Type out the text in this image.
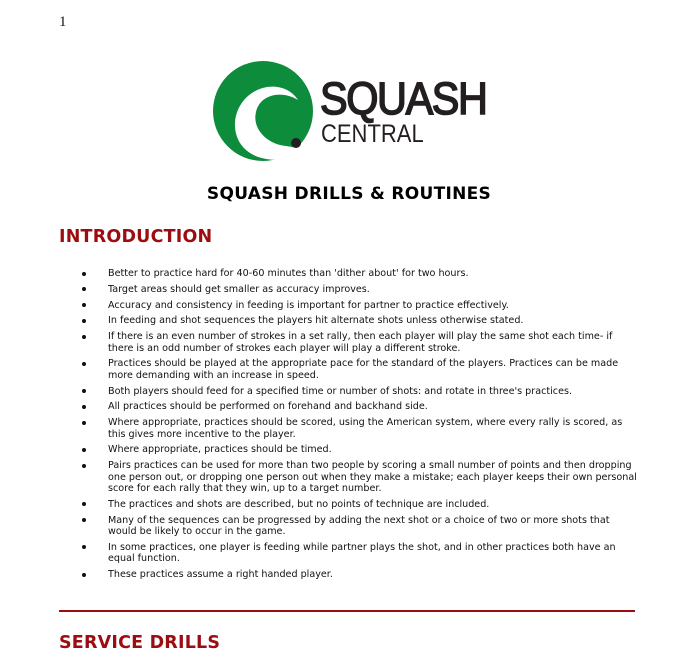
1
SQUASH
CENTRAL
SQUASH DRILLS & ROUTINES
INTRODUCTION
Better to practice hard for 40-60 minutes than 'dither about' for two hours.
Target areas should get smaller as accuracy improves.
Accuracy and consistency in feeding is important for partner to practice effectively.
In feeding and shot sequences the players hit alternate shots unless otherwise stated.
If there is an even number of strokes in a set rally, then each player will play the same shot each time- if there is an odd number of strokes each player will play a different stroke.
Practices should be played at the appropriate pace for the standard of the players. Practices can be made more demanding with an increase in speed.
Both players should feed for a specified time or number of shots: and rotate in three's practices.
All practices should be performed on forehand and backhand side.
Where appropriate, practices should be scored, using the American system, where every rally is scored, as this gives more incentive to the player.
Where appropriate, practices should be timed.
Pairs practices can be used for more than two people by scoring a small number of points and then dropping one person out, or dropping one person out when they make a mistake; each player keeps their own personal score for each rally that they win, up to a target number.
The practices and shots are described, but no points of technique are included.
Many of the sequences can be progressed by adding the next shot or a choice of two or more shots that would be likely to occur in the game.
In some practices, one player is feeding while partner plays the shot, and in other practices both have an equal function.
These practices assume a right handed player.
SERVICE DRILLS
